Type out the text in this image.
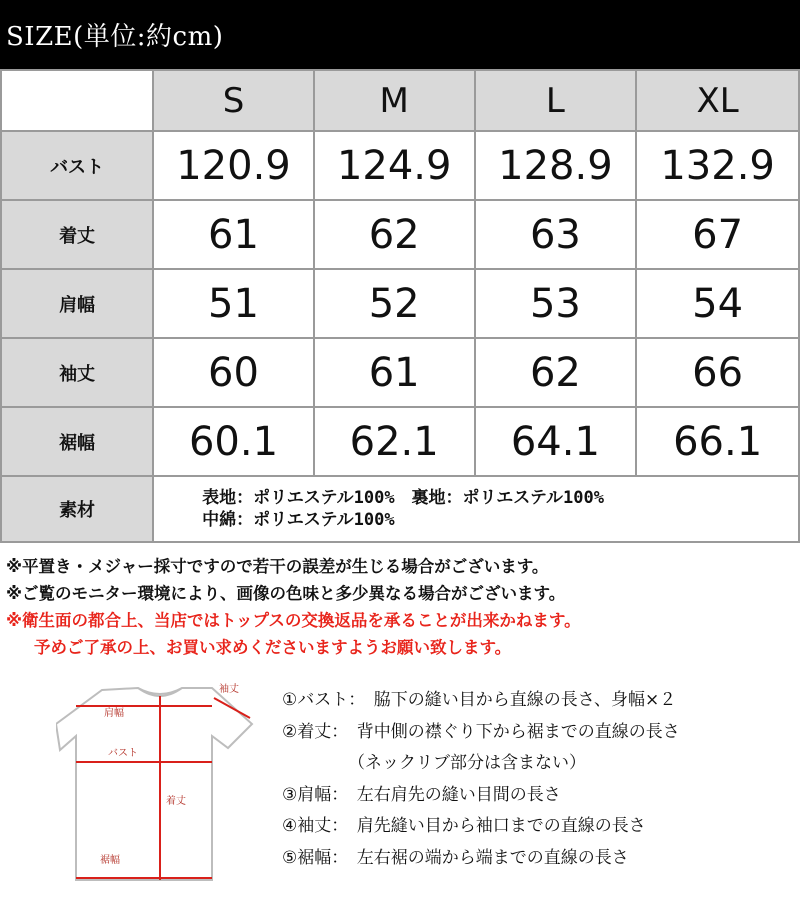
SIZE(単位:約cm)
	S	M	L	XL
バスト	120.9	124.9	128.9	132.9
着丈	61	62	63	67
肩幅	51	52	53	54
袖丈	60	61	62	66
裾幅	60.1	62.1	64.1	66.1
素材	表地：ポリエステル100%　裏地：ポリエステル100%
中綿：ポリエステル100%			
※平置き・メジャー採寸ですので若干の誤差が生じる場合がございます。
※ご覧のモニター環境により、画像の色味と多少異なる場合がございます。
※衛生面の都合上、当店ではトップスの交換返品を承ることが出来かねます。
予めご了承の上、お買い求めくださいますようお願い致します。
袖丈
肩幅
バスト
着丈
裾幅
①バスト：　脇下の縫い目から直線の長さ、身幅×２
②着丈：　背中側の襟ぐり下から裾までの直線の長さ
（ネックリブ部分は含まない）
③肩幅：　左右肩先の縫い目間の長さ
④袖丈：　肩先縫い目から袖口までの直線の長さ
⑤裾幅：　左右裾の端から端までの直線の長さ
